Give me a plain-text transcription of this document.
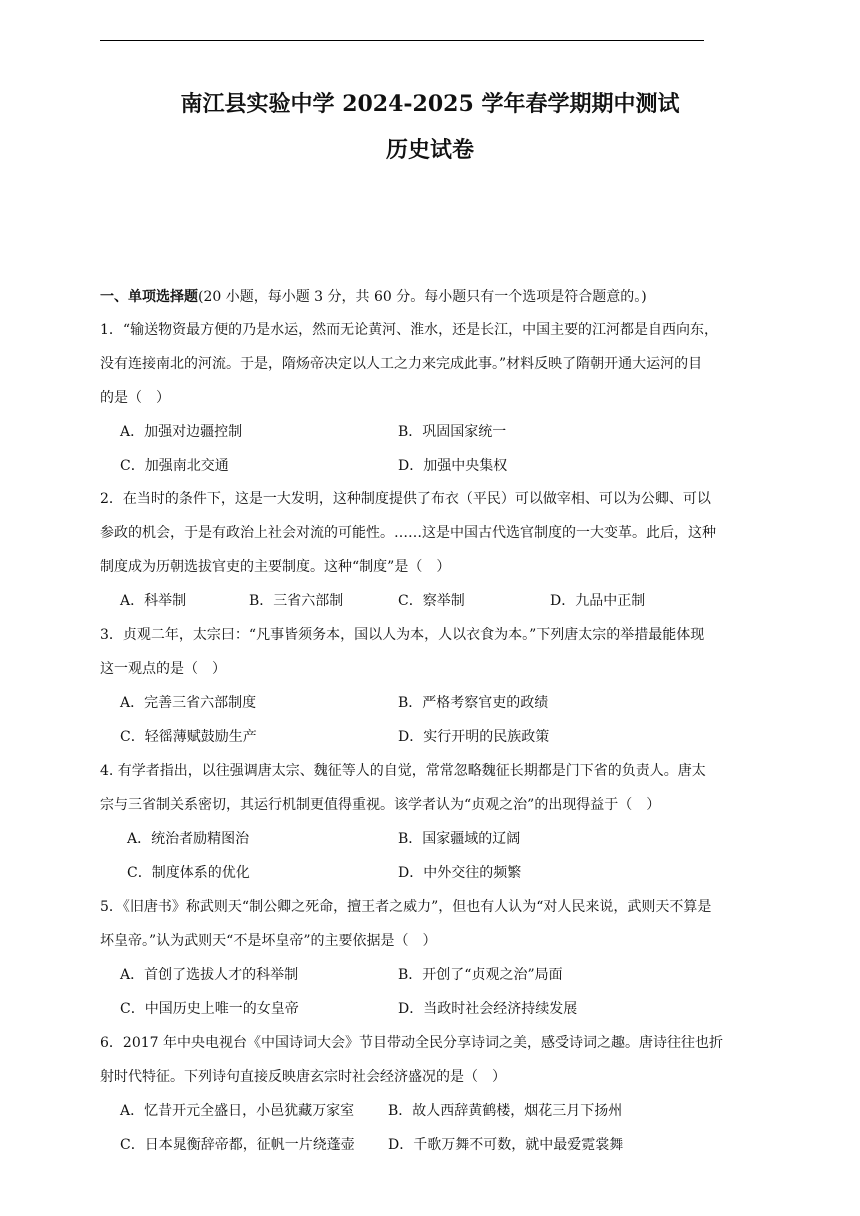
南江县实验中学 2024-2025 学年春学期期中测试
历史试卷
一、单项选择题(20 小题，每小题 3 分，共 60 分。每小题只有一个选项是符合题意的。)
1．“输送物资最方便的乃是水运，然而无论黄河、淮水，还是长江，中国主要的江河都是自西向东，
没有连接南北的河流。于是，隋炀帝决定以人工之力来完成此事。”材料反映了隋朝开通大运河的目
的是（　）
A．加强对边疆控制	B．巩固国家统一
C．加强南北交通	D．加强中央集权
2．在当时的条件下，这是一大发明，这种制度提供了布衣（平民）可以做宰相、可以为公卿、可以
参政的机会，于是有政治上社会对流的可能性。……这是中国古代选官制度的一大变革。此后，这种
制度成为历朝选拔官吏的主要制度。这种“制度”是（　）
A．科举制	B．三省六部制	C．察举制	D．九品中正制
3．贞观二年，太宗曰：“凡事皆须务本，国以人为本，人以衣食为本。”下列唐太宗的举措最能体现
这一观点的是（　）
A．完善三省六部制度	B．严格考察官吏的政绩
C．轻徭薄赋鼓励生产	D．实行开明的民族政策
4. 有学者指出，以往强调唐太宗、魏征等人的自觉，常常忽略魏征长期都是门下省的负责人。唐太
宗与三省制关系密切，其运行机制更值得重视。该学者认为“贞观之治”的出现得益于（　）
A．统治者励精图治	B．国家疆域的辽阔
C．制度体系的优化	D．中外交往的频繁
5．《旧唐书》称武则天“制公卿之死命，擅王者之威力”，但也有人认为“对人民来说，武则天不算是
坏皇帝。”认为武则天“不是坏皇帝”的主要依据是（　）
A．首创了选拔人才的科举制	B．开创了“贞观之治”局面
C．中国历史上唯一的女皇帝	D．当政时社会经济持续发展
6．2017 年中央电视台《中国诗词大会》节目带动全民分享诗词之美，感受诗词之趣。唐诗往往也折
射时代特征。下列诗句直接反映唐玄宗时社会经济盛况的是（　）
A．忆昔开元全盛日，小邑犹藏万家室 B．故人西辞黄鹤楼，烟花三月下扬州
C．日本晁衡辞帝都，征帆一片绕蓬壶 D．千歌万舞不可数，就中最爱霓裳舞
